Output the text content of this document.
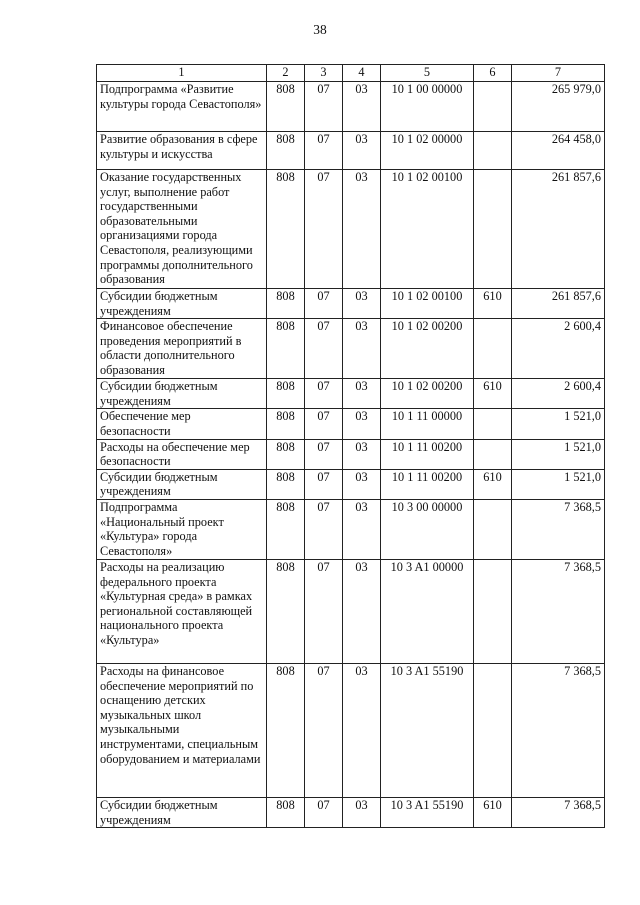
38
1	2	3	4	5	6	7
Подпрограмма «Развитие культуры города Севастополя»	808	07	03	10 1 00 00000		265 979,0
Развитие образования в сфере культуры и искусства	808	07	03	10 1 02 00000		264 458,0
Оказание государственных услуг, выполнение работ государственными образовательными организациями города Севастополя, реализующими программы дополнительного образования	808	07	03	10 1 02 00100		261 857,6
Субсидии бюджетным учреждениям	808	07	03	10 1 02 00100	610	261 857,6
Финансовое обеспечение проведения мероприятий в области дополнительного образования	808	07	03	10 1 02 00200		2 600,4
Субсидии бюджетным учреждениям	808	07	03	10 1 02 00200	610	2 600,4
Обеспечение мер безопасности	808	07	03	10 1 11 00000		1 521,0
Расходы на обеспечение мер безопасности	808	07	03	10 1 11 00200		1 521,0
Субсидии бюджетным учреждениям	808	07	03	10 1 11 00200	610	1 521,0
Подпрограмма «Национальный проект «Культура» города Севастополя»	808	07	03	10 3 00 00000		7 368,5
Расходы на реализацию федерального проекта «Культурная среда» в рамках региональной составляющей национального проекта «Культура»	808	07	03	10 3 A1 00000		7 368,5
Расходы на финансовое обеспечение мероприятий по оснащению детских музыкальных школ музыкальными инструментами, специальным оборудованием и материалами	808	07	03	10 3 A1 55190		7 368,5
Субсидии бюджетным учреждениям	808	07	03	10 3 A1 55190	610	7 368,5
